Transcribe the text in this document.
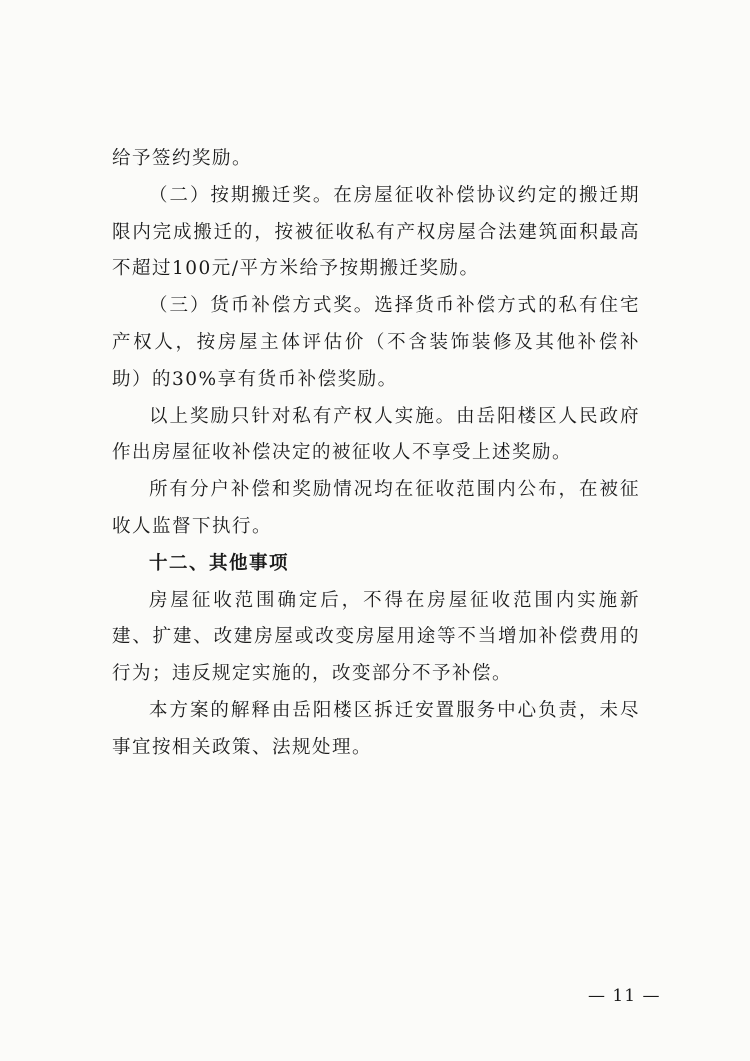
给予签约奖励。

（二）按期搬迁奖。在房屋征收补偿协议约定的搬迁期限内完成搬迁的，按被征收私有产权房屋合法建筑面积最高不超过100元/平方米给予按期搬迁奖励。

（三）货币补偿方式奖。选择货币补偿方式的私有住宅产权人，按房屋主体评估价（不含装饰装修及其他补偿补助）的30%享有货币补偿奖励。

以上奖励只针对私有产权人实施。由岳阳楼区人民政府作出房屋征收补偿决定的被征收人不享受上述奖励。

所有分户补偿和奖励情况均在征收范围内公布，在被征收人监督下执行。

十二、其他事项

房屋征收范围确定后，不得在房屋征收范围内实施新建、扩建、改建房屋或改变房屋用途等不当增加补偿费用的行为；违反规定实施的，改变部分不予补偿。

本方案的解释由岳阳楼区拆迁安置服务中心负责，未尽事宜按相关政策、法规处理。

— 11 —
